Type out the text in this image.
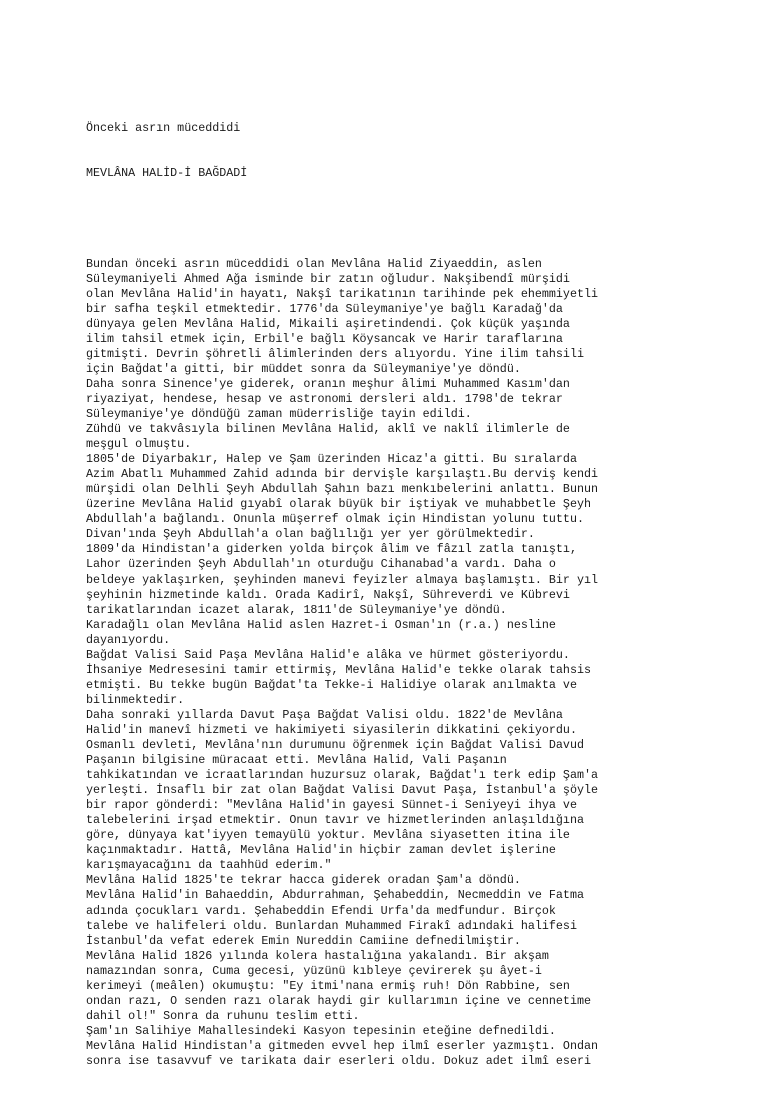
Önceki asrın müceddidi

MEVLÂNA HALİD-İ BAĞDADİ

Bundan önceki asrın müceddidi olan Mevlâna Halid Ziyaeddin, aslen
Süleymaniyeli Ahmed Ağa isminde bir zatın oğludur. Nakşibendî mürşidi
olan Mevlâna Halid'in hayatı, Nakşî tarikatının tarihinde pek ehemmiyetli
bir safha teşkil etmektedir. 1776'da Süleymaniye'ye bağlı Karadağ'da
dünyaya gelen Mevlâna Halid, Mikaili aşiretindendi. Çok küçük yaşında
ilim tahsil etmek için, Erbil'e bağlı Köysancak ve Harir taraflarına
gitmişti. Devrin şöhretli âlimlerinden ders alıyordu. Yine ilim tahsili
için Bağdat'a gitti, bir müddet sonra da Süleymaniye'ye döndü.
Daha sonra Sinence'ye giderek, oranın meşhur âlimi Muhammed Kasım'dan
riyaziyat, hendese, hesap ve astronomi dersleri aldı. 1798'de tekrar
Süleymaniye'ye döndüğü zaman müderrisliğe tayin edildi.
Zühdü ve takvâsıyla bilinen Mevlâna Halid, aklî ve naklî ilimlerle de
meşgul olmuştu.
1805'de Diyarbakır, Halep ve Şam üzerinden Hicaz'a gitti. Bu sıralarda
Azim Abatlı Muhammed Zahid adında bir dervişle karşılaştı.Bu derviş kendi
mürşidi olan Delhli Şeyh Abdullah Şahın bazı menkıbelerini anlattı. Bunun
üzerine Mevlâna Halid gıyabî olarak büyük bir iştiyak ve muhabbetle Şeyh
Abdullah'a bağlandı. Onunla müşerref olmak için Hindistan yolunu tuttu.
Divan'ında Şeyh Abdullah'a olan bağlılığı yer yer görülmektedir.
1809'da Hindistan'a giderken yolda birçok âlim ve fâzıl zatla tanıştı,
Lahor üzerinden Şeyh Abdullah'ın oturduğu Cihanabad'a vardı. Daha o
beldeye yaklaşırken, şeyhinden manevi feyizler almaya başlamıştı. Bir yıl
şeyhinin hizmetinde kaldı. Orada Kadirî, Nakşî, Sühreverdi ve Kübrevi
tarikatlarından icazet alarak, 1811'de Süleymaniye'ye döndü.
Karadağlı olan Mevlâna Halid aslen Hazret-i Osman'ın (r.a.) nesline
dayanıyordu.
Bağdat Valisi Said Paşa Mevlâna Halid'e alâka ve hürmet gösteriyordu.
İhsaniye Medresesini tamir ettirmiş, Mevlâna Halid'e tekke olarak tahsis
etmişti. Bu tekke bugün Bağdat'ta Tekke-i Halidiye olarak anılmakta ve
bilinmektedir.
Daha sonraki yıllarda Davut Paşa Bağdat Valisi oldu. 1822'de Mevlâna
Halid'in manevî hizmeti ve hakimiyeti siyasilerin dikkatini çekiyordu.
Osmanlı devleti, Mevlâna'nın durumunu öğrenmek için Bağdat Valisi Davud
Paşanın bilgisine müracaat etti. Mevlâna Halid, Vali Paşanın
tahkikatından ve icraatlarından huzursuz olarak, Bağdat'ı terk edip Şam'a
yerleşti. İnsaflı bir zat olan Bağdat Valisi Davut Paşa, İstanbul'a şöyle
bir rapor gönderdi: "Mevlâna Halid'in gayesi Sünnet-i Seniyeyi ihya ve
talebelerini irşad etmektir. Onun tavır ve hizmetlerinden anlaşıldığına
göre, dünyaya kat'iyyen temayülü yoktur. Mevlâna siyasetten itina ile
kaçınmaktadır. Hattâ, Mevlâna Halid'in hiçbir zaman devlet işlerine
karışmayacağını da taahhüd ederim."
Mevlâna Halid 1825'te tekrar hacca giderek oradan Şam'a döndü.
Mevlâna Halid'in Bahaeddin, Abdurrahman, Şehabeddin, Necmeddin ve Fatma
adında çocukları vardı. Şehabeddin Efendi Urfa'da medfundur. Birçok
talebe ve halifeleri oldu. Bunlardan Muhammed Firakî adındaki halifesi
İstanbul'da vefat ederek Emin Nureddin Camiine defnedilmiştir.
Mevlâna Halid 1826 yılında kolera hastalığına yakalandı. Bir akşam
namazından sonra, Cuma gecesi, yüzünü kıbleye çevirerek şu âyet-i
kerimeyi (meâlen) okumuştu: "Ey itmi'nana ermiş ruh! Dön Rabbine, sen
ondan razı, O senden razı olarak haydi gir kullarımın içine ve cennetime
dahil ol!" Sonra da ruhunu teslim etti.
Şam'ın Salihiye Mahallesindeki Kasyon tepesinin eteğine defnedildi.
Mevlâna Halid Hindistan'a gitmeden evvel hep ilmî eserler yazmıştı. Ondan
sonra ise tasavvuf ve tarikata dair eserleri oldu. Dokuz adet ilmî eseri
